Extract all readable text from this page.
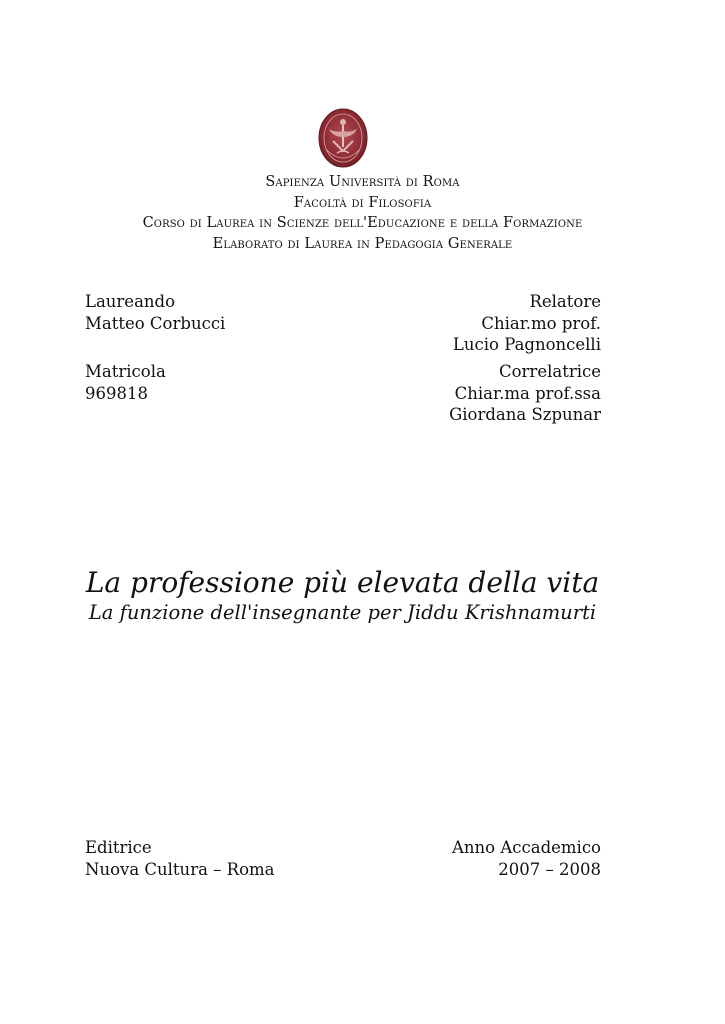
Sapienza Università di Roma
Facoltà di Filosofia
Corso di Laurea in Scienze dell'Educazione e della Formazione
Elaborato di Laurea in Pedagogia Generale
Laureando
Matteo Corbucci
Relatore
Chiar.mo prof.
Lucio Pagnoncelli
Matricola
969818
Correlatrice
Chiar.ma prof.ssa
Giordana Szpunar
La professione più elevata della vita
La funzione dell'insegnante per Jiddu Krishnamurti
Editrice
Nuova Cultura – Roma
Anno Accademico
2007 – 2008
